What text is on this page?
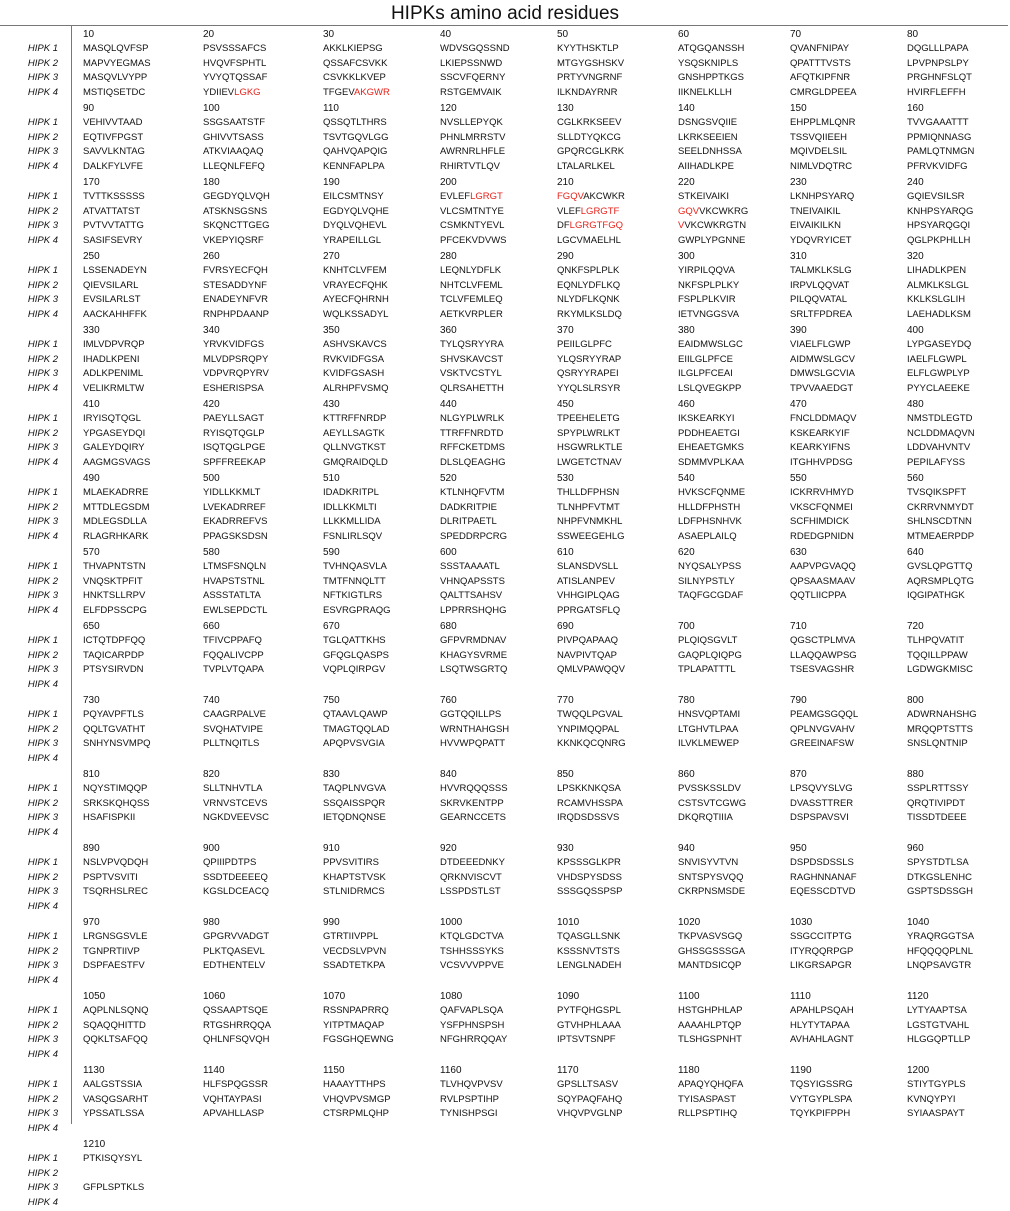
HIPKs amino acid residues
10	20	30	40	50	60	70	80
HIPK 1	MASQLQVFSP	PSVSSSAFCS	AKKLKIEPSG	WDVSGQSSND	KYYTHSKTLP	ATQGQANSSH	QVANFNIPAY	DQGLLLPAPA
HIPK 2	MAPVYEGMAS	HVQVFSPHTL	QSSAFCSVKK	LKIEPSSNWD	MTGYGSHSKV	YSQSKNIPLS	QPATTTVSTS	LPVPNPSLPY
HIPK 3	MASQVLVYPP	YVYQTQSSAF	CSVKKLKVEP	SSCVFQERNY	PRTYVNGRNF	GNSHPPTKGS	AFQTKIPFNR	PRGHNFSLQT
HIPK 4	MSTIQSETDC	YDIIEVLGKG	TFGEVAKGWR	RSTGEMVAIK	ILKNDAYRNR	IIKNELKLLH	CMRGLDPEEA	HVIRFLEFFH
90	100	110	120	130	140	150	160
HIPK 1	VEHIVVTAAD	SSGSAATSTF	QSSQTLTHRS	NVSLLEPYQK	CGLKRKSEEV	DSNGSVQIIE	EHPPLMLQNR	TVVGAAATTT
HIPK 2	EQTIVFPGST	GHIVVTSASS	TSVTGQVLGG	PHNLMRRSTV	SLLDTYQKCG	LKRKSEEIEN	TSSVQIIEEH	PPMIQNNASG
HIPK 3	SAVVLKNTAG	ATKVIAAQAQ	QAHVQAPQIG	AWRNRLHFLE	GPQRCGLKRK	SEELDNHSSA	MQIVDELSIL	PAMLQTNMGN
HIPK 4	DALKFYLVFE	LLEQNLFEFQ	KENNFAPLPA	RHIRTVTLQV	LTALARLKEL	AIIHADLKPE	NIMLVDQTRC	PFRVKVIDFG
170	180	190	200	210	220	230	240
HIPK 1	TVTTKSSSSS	GEGDYQLVQH	EILCSMTNSY	EVLEFLGRGT	FGQVAKCWKR	STKEIVAIKI	LKNHPSYARQ	GQIEVSILSR
HIPK 2	ATVATTATST	ATSKNSGSNS	EGDYQLVQHE	VLCSMTNTYE	VLEFLGRGTF	GQVVKCWKRG	TNEIVAIKIL	KNHPSYARQG
HIPK 3	PVTVVTATTG	SKQNCTTGEG	DYQLVQHEVL	CSMKNTYEVL	DFLGRGTFGQ	VVKCWKRGTN	EIVAIKILKN	HPSYARQGQI
HIPK 4	SASIFSEVRY	VKEPYIQSRF	YRAPEILLGL	PFCEKVDVWS	LGCVMAELHL	GWPLYPGNNE	YDQVRYICET	QGLPKPHLLH
250	260	270	280	290	300	310	320
HIPK 1	LSSENADEYN	FVRSYECFQH	KNHTCLVFEM	LEQNLYDFLK	QNKFSPLPLK	YIRPILQQVA	TALMKLKSLG	LIHADLKPEN
HIPK 2	QIEVSILARL	STESADDYNF	VRAYECFQHK	NHTCLVFEML	EQNLYDFLKQ	NKFSPLPLKY	IRPVLQQVAT	ALMKLKSLGL
HIPK 3	EVSILARLST	ENADEYNFVR	AYECFQHRNH	TCLVFEMLEQ	NLYDFLKQNK	FSPLPLKVIR	PILQQVATAL	KKLKSLGLIH
HIPK 4	AACKAHHFFK	RNPHPDAANP	WQLKSSADYL	AETKVRPLER	RKYMLKSLDQ	IETVNGGSVA	SRLTFPDREA	LAEHADLKSM
330	340	350	360	370	380	390	400
HIPK 1	IMLVDPVRQP	YRVKVIDFGS	ASHVSKAVCS	TYLQSRYYRA	PEIILGLPFC	EAIDMWSLGC	VIAELFLGWP	LYPGASEYDQ
HIPK 2	IHADLKPENI	MLVDPSRQPY	RVKVIDFGSA	SHVSKAVCST	YLQSRYYRAP	EIILGLPFCE	AIDMWSLGCV	IAELFLGWPL
HIPK 3	ADLKPENIML	VDPVRQPYRV	KVIDFGSASH	VSKTVCSTYL	QSRYYRAPEI	ILGLPFCEAI	DMWSLGCVIA	ELFLGWPLYP
HIPK 4	VELIKRMLTW	ESHERISPSA	ALRHPFVSMQ	QLRSAHETTH	YYQLSLRSYR	LSLQVEGKPP	TPVVAAEDGT	PYYCLAEEKE
410	420	430	440	450	460	470	480
HIPK 1	IRYISQTQGL	PAEYLLSAGT	KTTRFFNRDP	NLGYPLWRLK	TPEEHELETG	IKSKEARKYI	FNCLDDMAQV	NMSTDLEGTD
HIPK 2	YPGASEYDQI	RYISQTQGLP	AEYLLSAGTK	TTRFFNRDTD	SPYPLWRLKT	PDDHEAETGI	KSKEARKYIF	NCLDDMAQVN
HIPK 3	GALEYDQIRY	ISQTQGLPGE	QLLNVGTKST	RFFCKETDMS	HSGWRLKTLE	EHEAETGMKS	KEARKYIFNS	LDDVAHVNTV
HIPK 4	AAGMGSVAGS	SPFFREEKAP	GMQRAIDQLD	DLSLQEAGHG	LWGETCTNAV	SDMMVPLKAA	ITGHHVPDSG	PEPILAFYSS
490	500	510	520	530	540	550	560
HIPK 1	MLAEKADRRE	YIDLLKKMLT	IDADKRITPL	KTLNHQFVTM	THLLDFPHSN	HVKSCFQNME	ICKRRVHMYD	TVSQIKSPFT
HIPK 2	MTTDLEGSDM	LVEKADRREF	IDLLKKMLTI	DADKRITPIE	TLNHPFVTMT	HLLDFPHSTH	VKSCFQNMEI	CKRRVNMYDT
HIPK 3	MDLEGSDLLA	EKADRREFVS	LLKKMLLIDA	DLRITPAETL	NHPFVNMKHL	LDFPHSNHVK	SCFHIMDICK	SHLNSCDTNN
HIPK 4	RLAGRHKARK	PPAGSKSDSN	FSNLIRLSQV	SPEDDRPCRG	SSWEEGEHLG	ASAEPLAILQ	RDEDGPNIDN	MTMEAERPDP
570	580	590	600	610	620	630	640
HIPK 1	THVAPNTSTN	LTMSFSNQLN	TVHNQASVLA	SSSTAAAATL	SLANSDVSLL	NYQSALYPSS	AAPVPGVAQQ	GVSLQPGTTQ
HIPK 2	VNQSKTPFIT	HVAPSTSTNL	TMTFNNQLTT	VHNQAPSSTS	ATISLANPEV	SILNYPSTLY	QPSAASMAAV	AQRSMPLQTG
HIPK 3	HNKTSLLRPV	ASSSTATLTA	NFTKIGTLRS	QALTTSAHSV	VHHGIPLQAG	TAQFGCGDAF	QQTLIICPPA	IQGIPATHGK
HIPK 4	ELFDPSSCPG	EWLSEPDCTL	ESVRGPRAQG	LPPRRSHQHG	PPRGATSFLQ
650	660	670	680	690	700	710	720
HIPK 1	ICTQTDPFQQ	TFIVCPPAFQ	TGLQATTKHS	GFPVRMDNAV	PIVPQAPAAQ	PLQIQSGVLT	QGSCTPLMVA	TLHPQVATIT
HIPK 2	TAQICARPDP	FQQALIVCPP	GFQGLQASPS	KHAGYSVRME	NAVPIVTQAP	GAQPLQIQPG	LLAQQAWPSG	TQQILLPPAW
HIPK 3	PTSYSIRVDN	TVPLVTQAPA	VQPLQIRPGV	LSQTWSGRTQ	QMLVPAWQQV	TPLAPATTTL	TSESVAGSHR	LGDWGKMISC
HIPK 4
730	740	750	760	770	780	790	800
HIPK 1	PQYAVPFTLS	CAAGRPALVE	QTAAVLQAWP	GGTQQILLPS	TWQQLPGVAL	HNSVQPTAMI	PEAMGSGQQL	ADWRNAHSHG
HIPK 2	QQLTGVATHT	SVQHATVIPE	TMAGTQQLAD	WRNTHAHGSH	YNPIMQQPAL	LTGHVTLPAA	QPLNVGVAHV	MRQQPTSTTS
HIPK 3	SNHYNSVMPQ	PLLTNQITLS	APQPVSVGIA	HVVWPQPATT	KKNKQCQNRG	ILVKLMEWEP	GREEINAFSW	SNSLQNTNIP
HIPK 4
810	820	830	840	850	860	870	880
HIPK 1	NQYSTIMQQP	SLLTNHVTLA	TAQPLNVGVA	HVVRQQQSSS	LPSKKNKQSA	PVSSKSSLDV	LPSQVYSLVG	SSPLRTTSSY
HIPK 2	SRKSKQHQSS	VRNVSTCEVS	SSQAISSPQR	SKRVKENTPP	RCAMVHSSPA	CSTSVTCGWG	DVASSTTRER	QRQTIVIPDT
HIPK 3	HSAFISPKII	NGKDVEEVSC	IETQDNQNSE	GEARNCCETS	IRQDSDSSVS	DKQRQTIIIA	DSPSPAVSVI	TISSDTDEEE
HIPK 4
890	900	910	920	930	940	950	960
HIPK 1	NSLVPVQDQH	QPIIIPDTPS	PPVSVITIRS	DTDEEEDNKY	KPSSSGLKPR	SNVISYVTVN	DSPDSDSSLS	SPYSTDTLSA
HIPK 2	PSPTVSVITI	SSDTDEEEEQ	KHAPTSTVSK	QRKNVISCVT	VHDSPYSDSS	SNTSPYSVQQ	RAGHNNANAF	DTKGSLENHC
HIPK 3	TSQRHSLREC	KGSLDCEACQ	STLNIDRMCS	LSSPDSTLST	SSSGQSSPSP	CKRPNSMSDE	EQESSCDTVD	GSPTSDSSGH
HIPK 4
970	980	990	1000	1010	1020	1030	1040
HIPK 1	LRGNSGSVLE	GPGRVVADGT	GTRTIIVPPL	KTQLGDCTVA	TQASGLLSNK	TKPVASVSGQ	SSGCCITPTG	YRAQRGGTSA
HIPK 2	TGNPRTIIVP	PLKTQASEVL	VECDSLVPVN	TSHHSSSYKS	KSSSNVTSTS	GHSSGSSSGA	ITYRQQRPGP	HFQQQQPLNL
HIPK 3	DSPFAESTFV	EDTHENTELV	SSADTETKPA	VCSVVVPPVE	LENGLNADEH	MANTDSICQP	LIKGRSAPGR	LNQPSAVGTR
HIPK 4
1050	1060	1070	1080	1090	1100	1110	1120
HIPK 1	AQPLNLSQNQ	QSSAAPTSQE	RSSNPAPRRQ	QAFVAPLSQA	PYTFQHGSPL	HSTGHPHLAP	APAHLPSQAH	LYTYAAPTSA
HIPK 2	SQAQQHITTD	RTGSHRRQQA	YITPTMAQAP	YSFPHNSPSH	GTVHPHLAAA	AAAAHLPTQP	HLYTYTAPAA	LGSTGTVAHL
HIPK 3	QQKLTSAFQQ	QHLNFSQVQH	FGSGHQEWNG	NFGHRRQQAY	IPTSVTSNPF	TLSHGSPNHT	AVHAHLAGNT	HLGGQPTLLP
HIPK 4
1130	1140	1150	1160	1170	1180	1190	1200
HIPK 1	AALGSTSSIA	HLFSPQGSSR	HAAAYTTHPS	TLVHQVPVSV	GPSLLTSASV	APAQYQHQFA	TQSYIGSSRG	STIYTGYPLS
HIPK 2	VASQGSARHT	VQHTAYPASI	VHQVPVSMGP	RVLPSPTIHP	SQYPAQFAHQ	TYISASPAST	VYTGYPLSPA	KVNQYPYI
HIPK 3	YPSSATLSSA	APVAHLLASP	CTSRPMLQHP	TYNISHPSGI	VHQVPVGLNP	RLLPSPTIHQ	TQYKPIFPPH	SYIAASPAYT
HIPK 4
1210
HIPK 1	PTKISQYSYL
HIPK 2
HIPK 3	GFPLSPTKLS
HIPK 4
